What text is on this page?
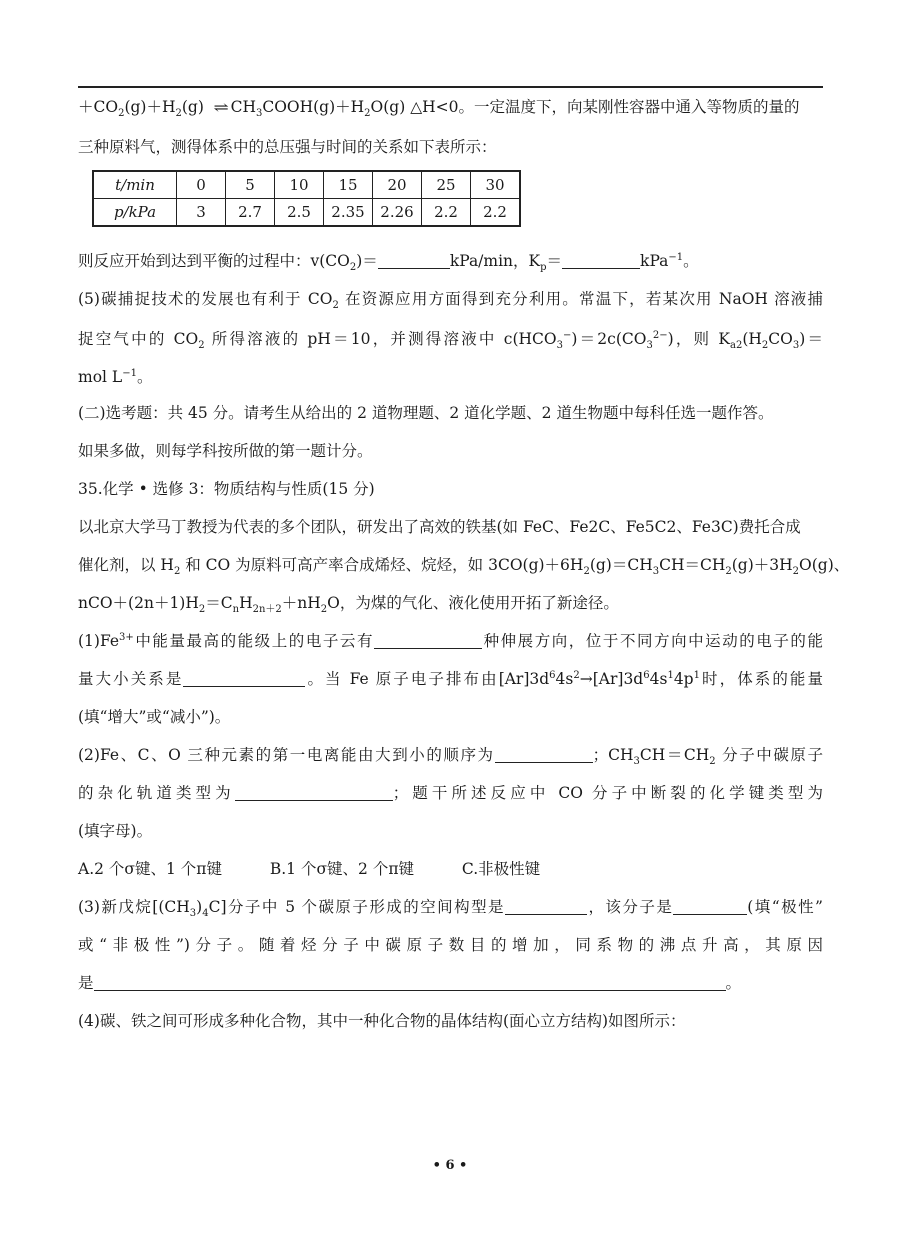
$+CO_2(g)+H_2(g)$ ⇌ $CH_3COOH(g)+H_2O(g)$ △H<0。一定温度下，向某刚性容器中通入等物质的量的
三种原料气，测得体系中的总压强与时间的关系如下表所示：
t/min	0	5	10	15	20	25	30
p/kPa	3	2.7	2.5	2.35	2.26	2.2	2.2
则反应开始到达到平衡的过程中：$v(CO_2)=$	kPa/min，$K_p=$	kPa$^{-1}$。
(5)碳捕捉技术的发展也有利于 $CO_2$ 在资源应用方面得到充分利用。常温下，若某次用 NaOH 溶液捕
捉空气中的 $CO_2$ 所得溶液的 pH＝10，并测得溶液中 $c(HCO_3^-)=2c(CO_3^{2-})$，则 $K_{a2}(H_2CO_3)=$
mol $L^{-1}$。
(二)选考题：共 45 分。请考生从给出的 2 道物理题、2 道化学题、2 道生物题中每科任选一题作答。
如果多做，则每学科按所做的第一题计分。
35.化学 • 选修 3：物质结构与性质(15 分)
以北京大学马丁教授为代表的多个团队，研发出了高效的铁基(如 FeC、Fe2C、Fe5C2、Fe3C)费托合成
催化剂，以 $H_2$ 和 CO 为原料可高产率合成烯烃、烷烃，如 $3CO(g)+6H_2(g)=CH_3CH=CH_2(g)+3H_2O(g)$、
$nCO+(2n+1)H_2=C_nH_{2n+2}+nH_2O$，为煤的气化、液化使用开拓了新途径。
$(1)Fe^{3+}$中能量最高的能级上的电子云有	种伸展方向，位于不同方向中运动的电子的能
量大小关系是	。当 Fe 原子电子排布由$[Ar]3d^64s^2\to[Ar]3d^64s^14p^1$时，体系的能量
(填“增大”或“减小”)。
(2)Fe、C、O 三种元素的第一电离能由大到小的顺序为	；$CH_3CH=CH_2$ 分子中碳原子
的杂化轨道类型为	；题干所述反应中 CO 分子中断裂的化学键类型为
(填字母)。
A.2 个σ键、1 个π键	B.1 个σ键、2 个π键	C.非极性键
(3)新戊烷$[(CH_3)_4C]$分子中 5 个碳原子形成的空间构型是	，该分子是	(填“极性”
或“非极性”)分子。随着烃分子中碳原子数目的增加，同系物的沸点升高，其原因
是	。
(4)碳、铁之间可形成多种化合物，其中一种化合物的晶体结构(面心立方结构)如图所示：
• 6 •
